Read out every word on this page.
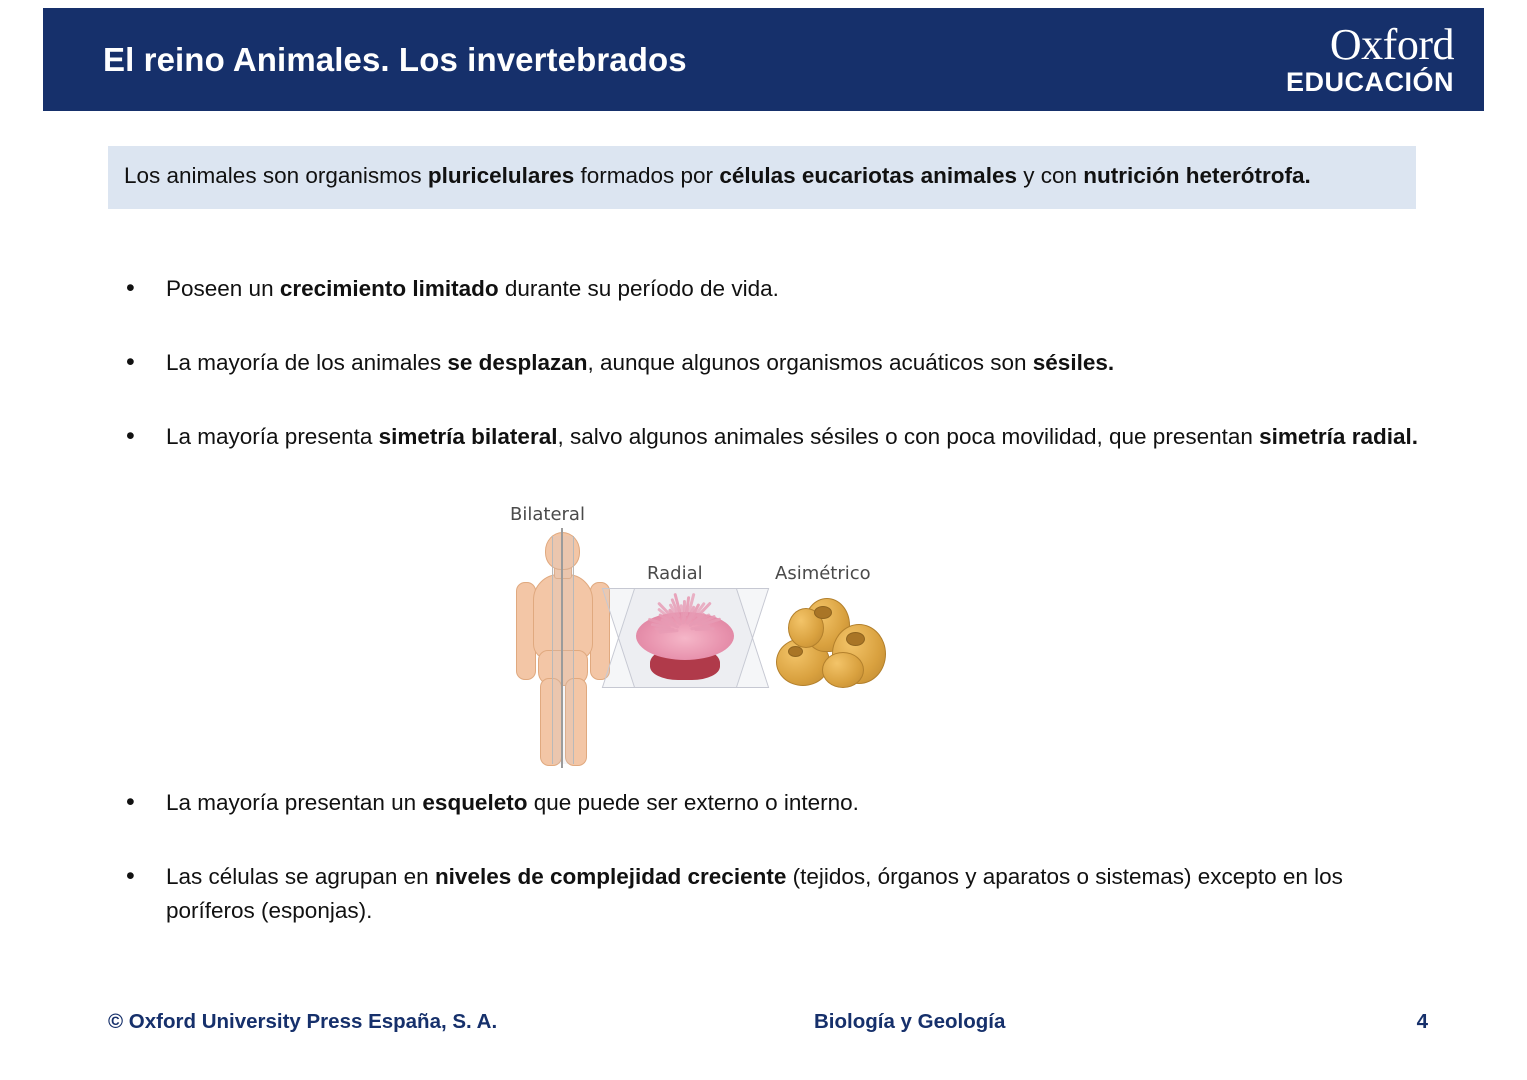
El reino Animales. Los invertebrados	Oxford
EDUCACIÓN
Los animales son organismos pluricelulares formados por células eucariotas animales y con nutrición heterótrofa.
•	Poseen un crecimiento limitado durante su período de vida.
•	La mayoría de los animales se desplazan, aunque algunos organismos acuáticos son sésiles.
•	La mayoría presenta simetría bilateral, salvo algunos animales sésiles o con poca movilidad, que presentan simetría radial.
Bilateral
Radial	Asimétrico
•	La mayoría presentan un esqueleto que puede ser externo o interno.
•	Las células se agrupan en niveles de complejidad creciente (tejidos, órganos y aparatos o sistemas) excepto en los poríferos (esponjas).
© Oxford University Press España, S. A.	Biología y Geología	4
